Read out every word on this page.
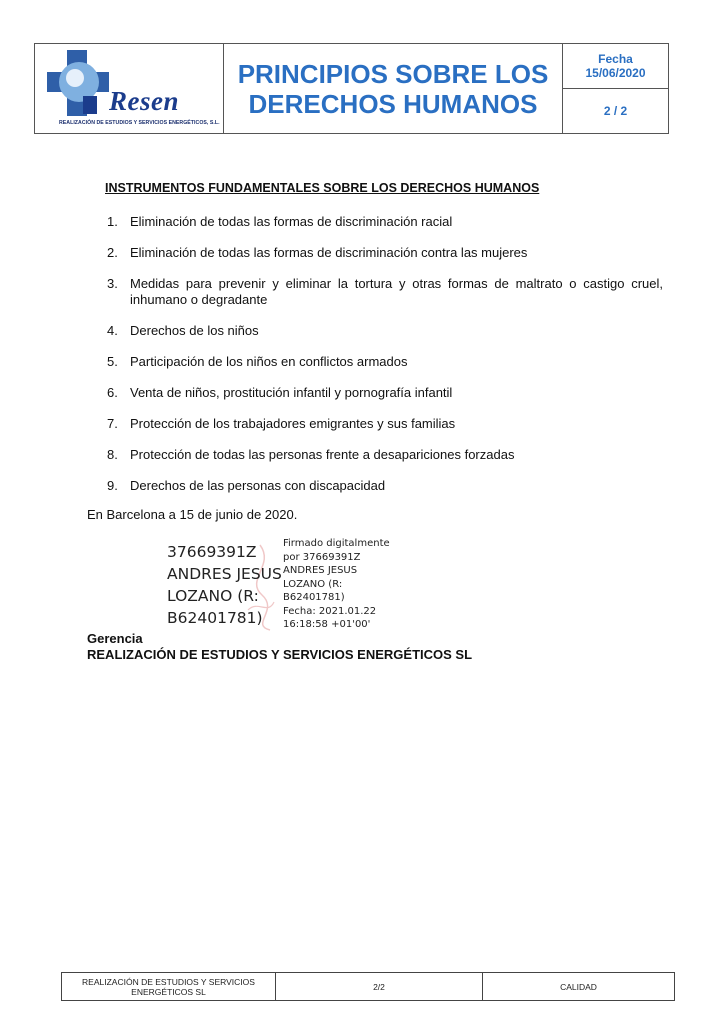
Resen
REALIZACIÓN DE ESTUDIOS Y SERVICIOS ENERGÉTICOS, S.L.
PRINCIPIOS SOBRE LOS
DERECHOS HUMANOS
Fecha
15/06/2020
2 / 2
INSTRUMENTOS FUNDAMENTALES SOBRE LOS DERECHOS HUMANOS
1. Eliminación de todas las formas de discriminación racial
2. Eliminación de todas las formas de discriminación contra las mujeres
3. Medidas para prevenir y eliminar la tortura y otras formas de maltrato o castigo cruel, inhumano o degradante
4. Derechos de los niños
5. Participación de los niños en conflictos armados
6. Venta de niños, prostitución infantil y pornografía infantil
7. Protección de los trabajadores emigrantes y sus familias
8. Protección de todas las personas frente a desapariciones forzadas
9. Derechos de las personas con discapacidad
En Barcelona a 15 de junio de 2020.
37669391Z
ANDRES JESUS
LOZANO (R:
B62401781)
Firmado digitalmente
por 37669391Z
ANDRES JESUS
LOZANO (R:
B62401781)
Fecha: 2021.01.22
16:18:58 +01'00'
Gerencia
REALIZACIÓN DE ESTUDIOS Y SERVICIOS ENERGÉTICOS SL
REALIZACIÓN DE ESTUDIOS Y SERVICIOS
ENERGÉTICOS SL	2/2	CALIDAD
